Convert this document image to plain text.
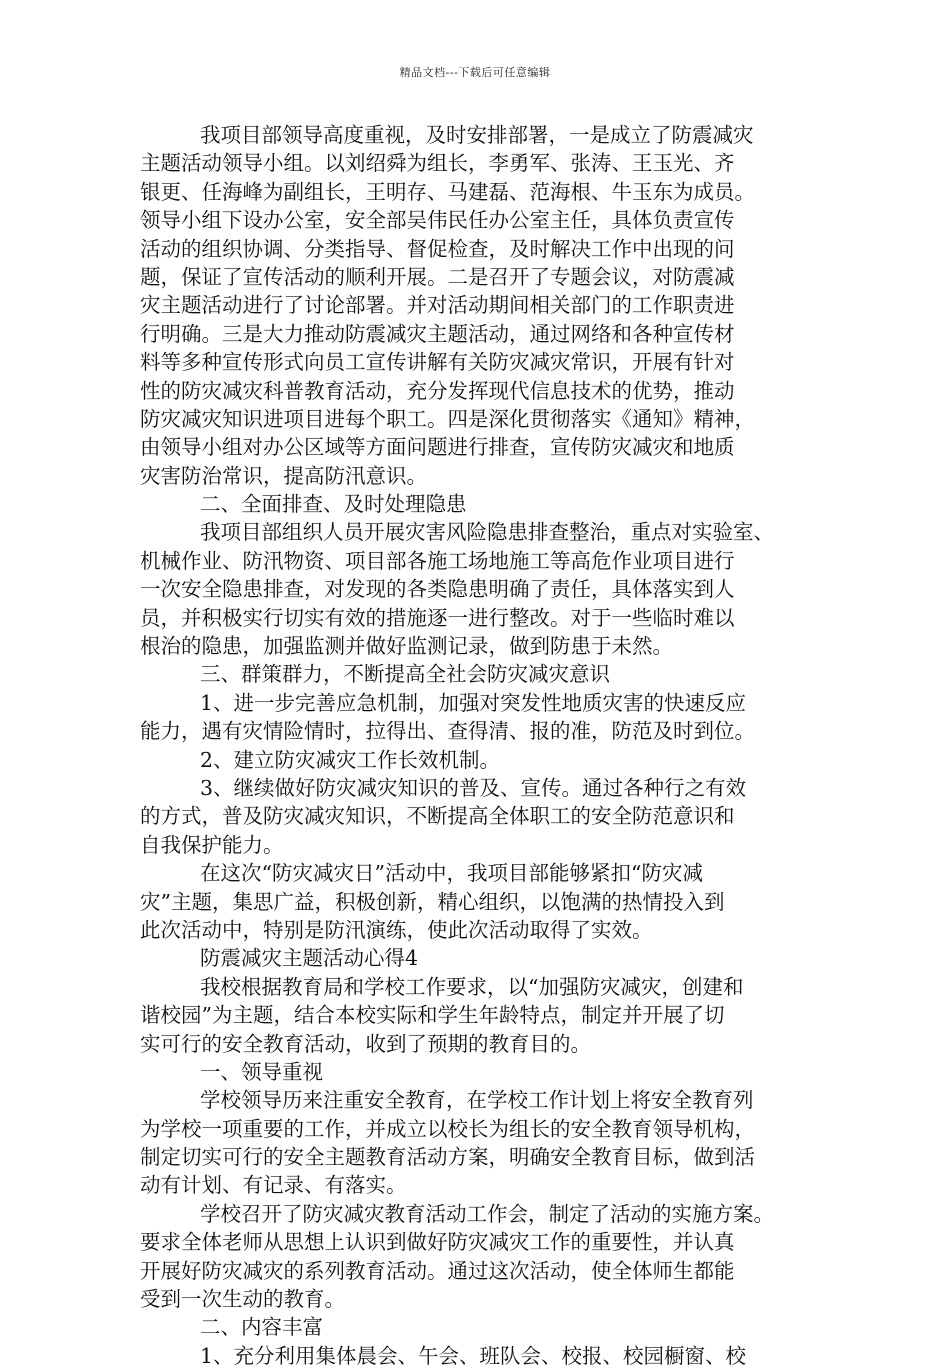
精品文档---下载后可任意编辑
我项目部领导高度重视，及时安排部署，一是成立了防震减灾
主题活动领导小组。以刘绍舜为组长，李勇军、张涛、王玉光、齐
银更、任海峰为副组长，王明存、马建磊、范海根、牛玉东为成员。
领导小组下设办公室，安全部吴伟民任办公室主任，具体负责宣传
活动的组织协调、分类指导、督促检查，及时解决工作中出现的问
题，保证了宣传活动的顺利开展。二是召开了专题会议，对防震减
灾主题活动进行了讨论部署。并对活动期间相关部门的工作职责进
行明确。三是大力推动防震减灾主题活动，通过网络和各种宣传材
料等多种宣传形式向员工宣传讲解有关防灾减灾常识，开展有针对
性的防灾减灾科普教育活动，充分发挥现代信息技术的优势，推动
防灾减灾知识进项目进每个职工。四是深化贯彻落实《通知》精神，
由领导小组对办公区域等方面问题进行排查，宣传防灾减灾和地质
灾害防治常识，提高防汛意识。
二、全面排查、及时处理隐患
我项目部组织人员开展灾害风险隐患排查整治，重点对实验室、
机械作业、防汛物资、项目部各施工场地施工等高危作业项目进行
一次安全隐患排查，对发现的各类隐患明确了责任，具体落实到人
员，并积极实行切实有效的措施逐一进行整改。对于一些临时难以
根治的隐患，加强监测并做好监测记录，做到防患于未然。
三、群策群力，不断提高全社会防灾减灾意识
1、进一步完善应急机制，加强对突发性地质灾害的快速反应
能力，遇有灾情险情时，拉得出、查得清、报的准，防范及时到位。
2、建立防灾减灾工作长效机制。
3、继续做好防灾减灾知识的普及、宣传。通过各种行之有效
的方式，普及防灾减灾知识，不断提高全体职工的安全防范意识和
自我保护能力。
在这次“防灾减灾日”活动中，我项目部能够紧扣“防灾减
灾”主题，集思广益，积极创新，精心组织，以饱满的热情投入到
此次活动中，特别是防汛演练，使此次活动取得了实效。
防震减灾主题活动心得4
我校根据教育局和学校工作要求，以“加强防灾减灾，创建和
谐校园”为主题，结合本校实际和学生年龄特点，制定并开展了切
实可行的安全教育活动，收到了预期的教育目的。
一、领导重视
学校领导历来注重安全教育，在学校工作计划上将安全教育列
为学校一项重要的工作，并成立以校长为组长的安全教育领导机构，
制定切实可行的安全主题教育活动方案，明确安全教育目标，做到活
动有计划、有记录、有落实。
学校召开了防灾减灾教育活动工作会，制定了活动的实施方案。
要求全体老师从思想上认识到做好防灾减灾工作的重要性，并认真
开展好防灾减灾的系列教育活动。通过这次活动，使全体师生都能
受到一次生动的教育。
二、内容丰富
1、充分利用集体晨会、午会、班队会、校报、校园橱窗、校
